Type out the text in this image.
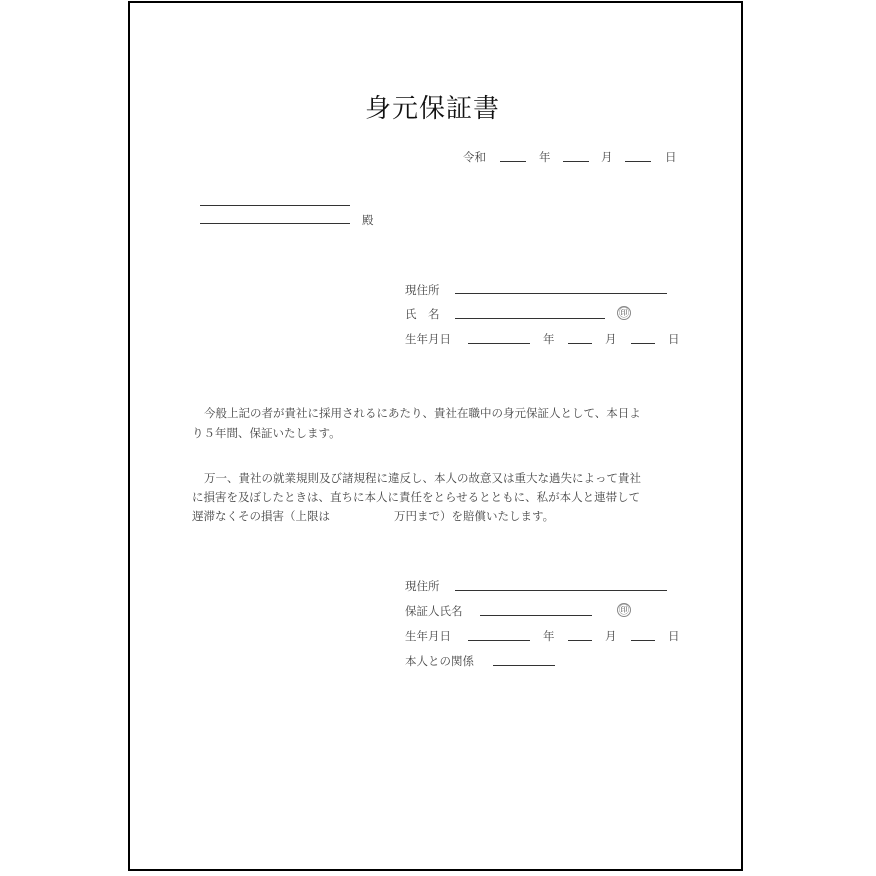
身元保証書
令和	年	月	日
殿
現住所
氏　名	㊞
生年月日	年	月	日
今般上記の者が貴社に採用されるにあたり、貴社在職中の身元保証人として、本日よ
り５年間、保証いたします。
万一、貴社の就業規則及び諸規程に違反し、本人の故意又は重大な過失によって貴社
に損害を及ぼしたときは、直ちに本人に責任をとらせるとともに、私が本人と連帯して
遅滞なくその損害（上限は	万円まで）を賠償いたします。
現住所
保証人氏名	㊞
生年月日	年	月	日
本人との関係
